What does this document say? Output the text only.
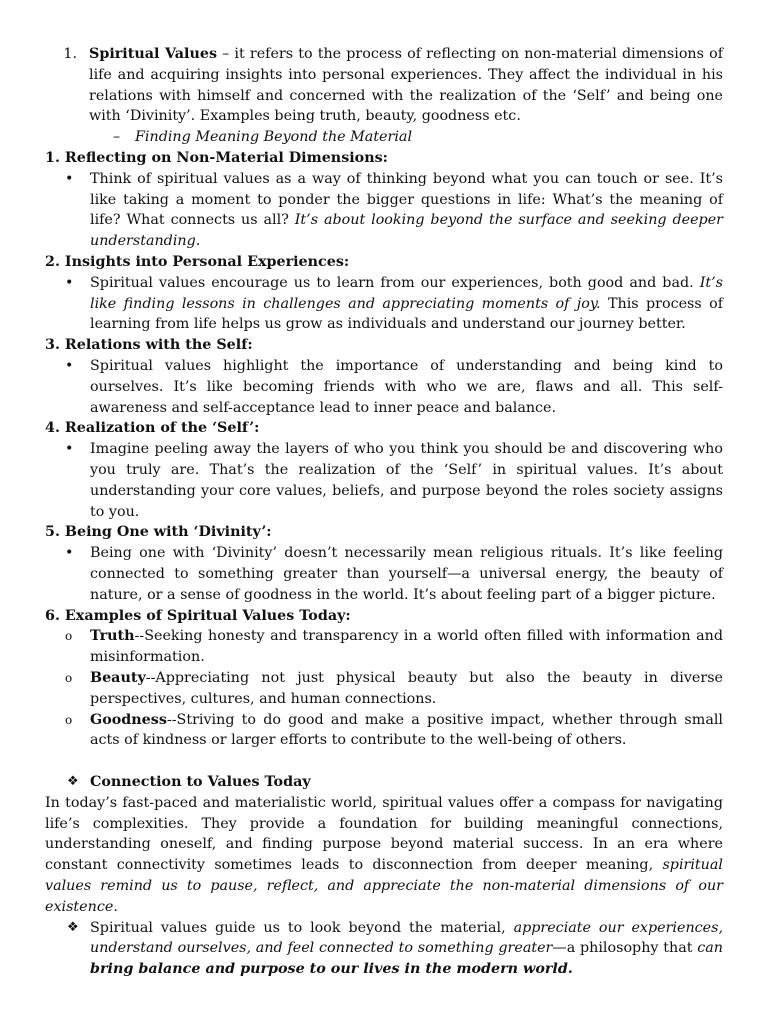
1. Spiritual Values – it refers to the process of reflecting on non-material dimensions of life and acquiring insights into personal experiences. They affect the individual in his relations with himself and concerned with the realization of the ‘Self’ and being one with ‘Divinity’. Examples being truth, beauty, goodness etc.
– Finding Meaning Beyond the Material
1. Reflecting on Non-Material Dimensions:
•	Think of spiritual values as a way of thinking beyond what you can touch or see. It’s like taking a moment to ponder the bigger questions in life: What’s the meaning of life? What connects us all? It’s about looking beyond the surface and seeking deeper understanding.
2. Insights into Personal Experiences:
•	Spiritual values encourage us to learn from our experiences, both good and bad. It’s like finding lessons in challenges and appreciating moments of joy. This process of learning from life helps us grow as individuals and understand our journey better.
3. Relations with the Self:
•	Spiritual values highlight the importance of understanding and being kind to ourselves. It’s like becoming friends with who we are, flaws and all. This self-awareness and self-acceptance lead to inner peace and balance.
4. Realization of the ‘Self’:
•	Imagine peeling away the layers of who you think you should be and discovering who you truly are. That’s the realization of the ‘Self’ in spiritual values. It’s about understanding your core values, beliefs, and purpose beyond the roles society assigns to you.
5. Being One with ‘Divinity’:
•	Being one with ‘Divinity’ doesn’t necessarily mean religious rituals. It’s like feeling connected to something greater than yourself—a universal energy, the beauty of nature, or a sense of goodness in the world. It’s about feeling part of a bigger picture.
6. Examples of Spiritual Values Today:
o	Truth--Seeking honesty and transparency in a world often filled with information and misinformation.
o	Beauty--Appreciating not just physical beauty but also the beauty in diverse perspectives, cultures, and human connections.
o	Goodness--Striving to do good and make a positive impact, whether through small acts of kindness or larger efforts to contribute to the well-being of others.
❖ Connection to Values Today
In today’s fast-paced and materialistic world, spiritual values offer a compass for navigating life’s complexities. They provide a foundation for building meaningful connections, understanding oneself, and finding purpose beyond material success. In an era where constant connectivity sometimes leads to disconnection from deeper meaning, spiritual values remind us to pause, reflect, and appreciate the non-material dimensions of our existence.
❖ Spiritual values guide us to look beyond the material, appreciate our experiences, understand ourselves, and feel connected to something greater—a philosophy that can bring balance and purpose to our lives in the modern world.
